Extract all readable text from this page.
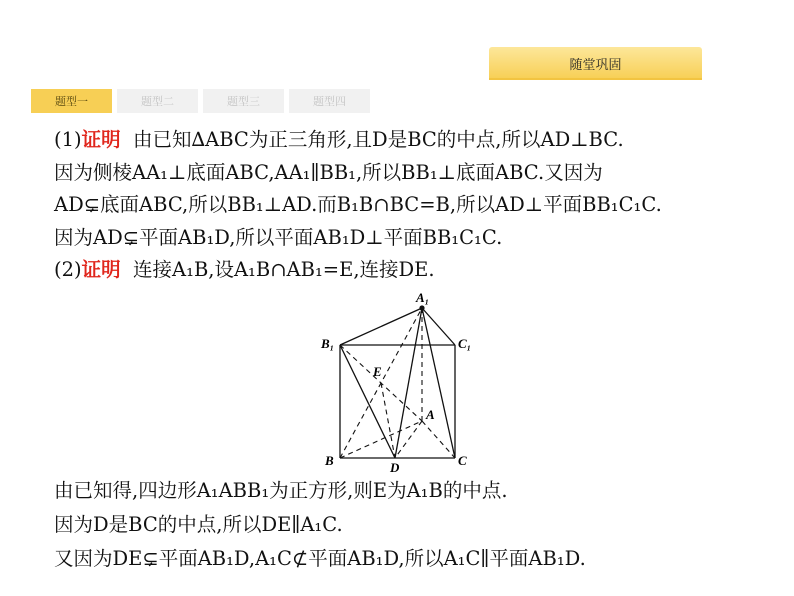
随堂巩固
题型一	题型二	题型三	题型四
(1)证明 由已知∆ABC为正三角形,且D是BC的中点,所以AD⊥BC.
因为侧棱AA₁⊥底面ABC,AA₁∥BB₁,所以BB₁⊥底面ABC.又因为
AD⊊底面ABC,所以BB₁⊥AD.而B₁B∩BC=B,所以AD⊥平面BB₁C₁C.
因为AD⊊平面AB₁D,所以平面AB₁D⊥平面BB₁C₁C.
(2)证明 连接A₁B,设A₁B∩AB₁=E,连接DE.
A₁
B₁	C₁
E
A
B	D	C
由已知得,四边形A₁ABB₁为正方形,则E为A₁B的中点.
因为D是BC的中点,所以DE∥A₁C.
又因为DE⊊平面AB₁D,A₁C⊄平面AB₁D,所以A₁C∥平面AB₁D.
